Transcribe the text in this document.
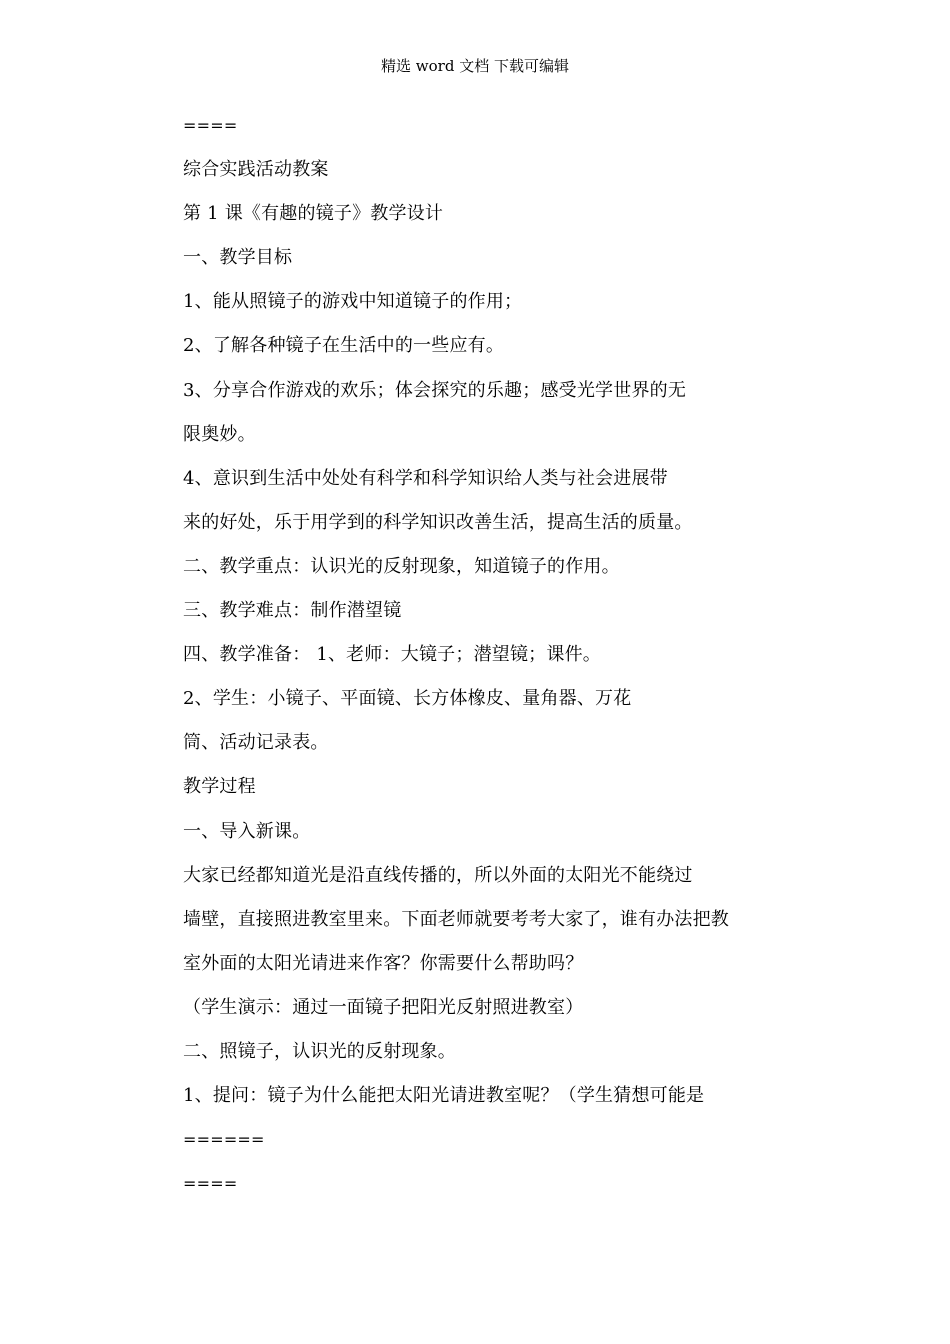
精选 word 文档 下载可编辑
====
综合实践活动教案
第 1 课《有趣的镜子》教学设计
一、教学目标
1、能从照镜子的游戏中知道镜子的作用；
2、了解各种镜子在生活中的一些应有。
3、分享合作游戏的欢乐；体会探究的乐趣；感受光学世界的无
限奥妙。
4、意识到生活中处处有科学和科学知识给人类与社会进展带
来的好处，乐于用学到的科学知识改善生活，提高生活的质量。
二、教学重点：认识光的反射现象，知道镜子的作用。
三、教学难点：制作潜望镜
四、教学准备： 1、老师：大镜子；潜望镜；课件。
2、学生：小镜子、平面镜、长方体橡皮、量角器、万花
筒、活动记录表。
教学过程
一、导入新课。
大家已经都知道光是沿直线传播的，所以外面的太阳光不能绕过
墙壁，直接照进教室里来。下面老师就要考考大家了，谁有办法把教
室外面的太阳光请进来作客？你需要什么帮助吗？
（学生演示：通过一面镜子把阳光反射照进教室）
二、照镜子，认识光的反射现象。
1、提问：镜子为什么能把太阳光请进教室呢？（学生猜想可能是
======
====
